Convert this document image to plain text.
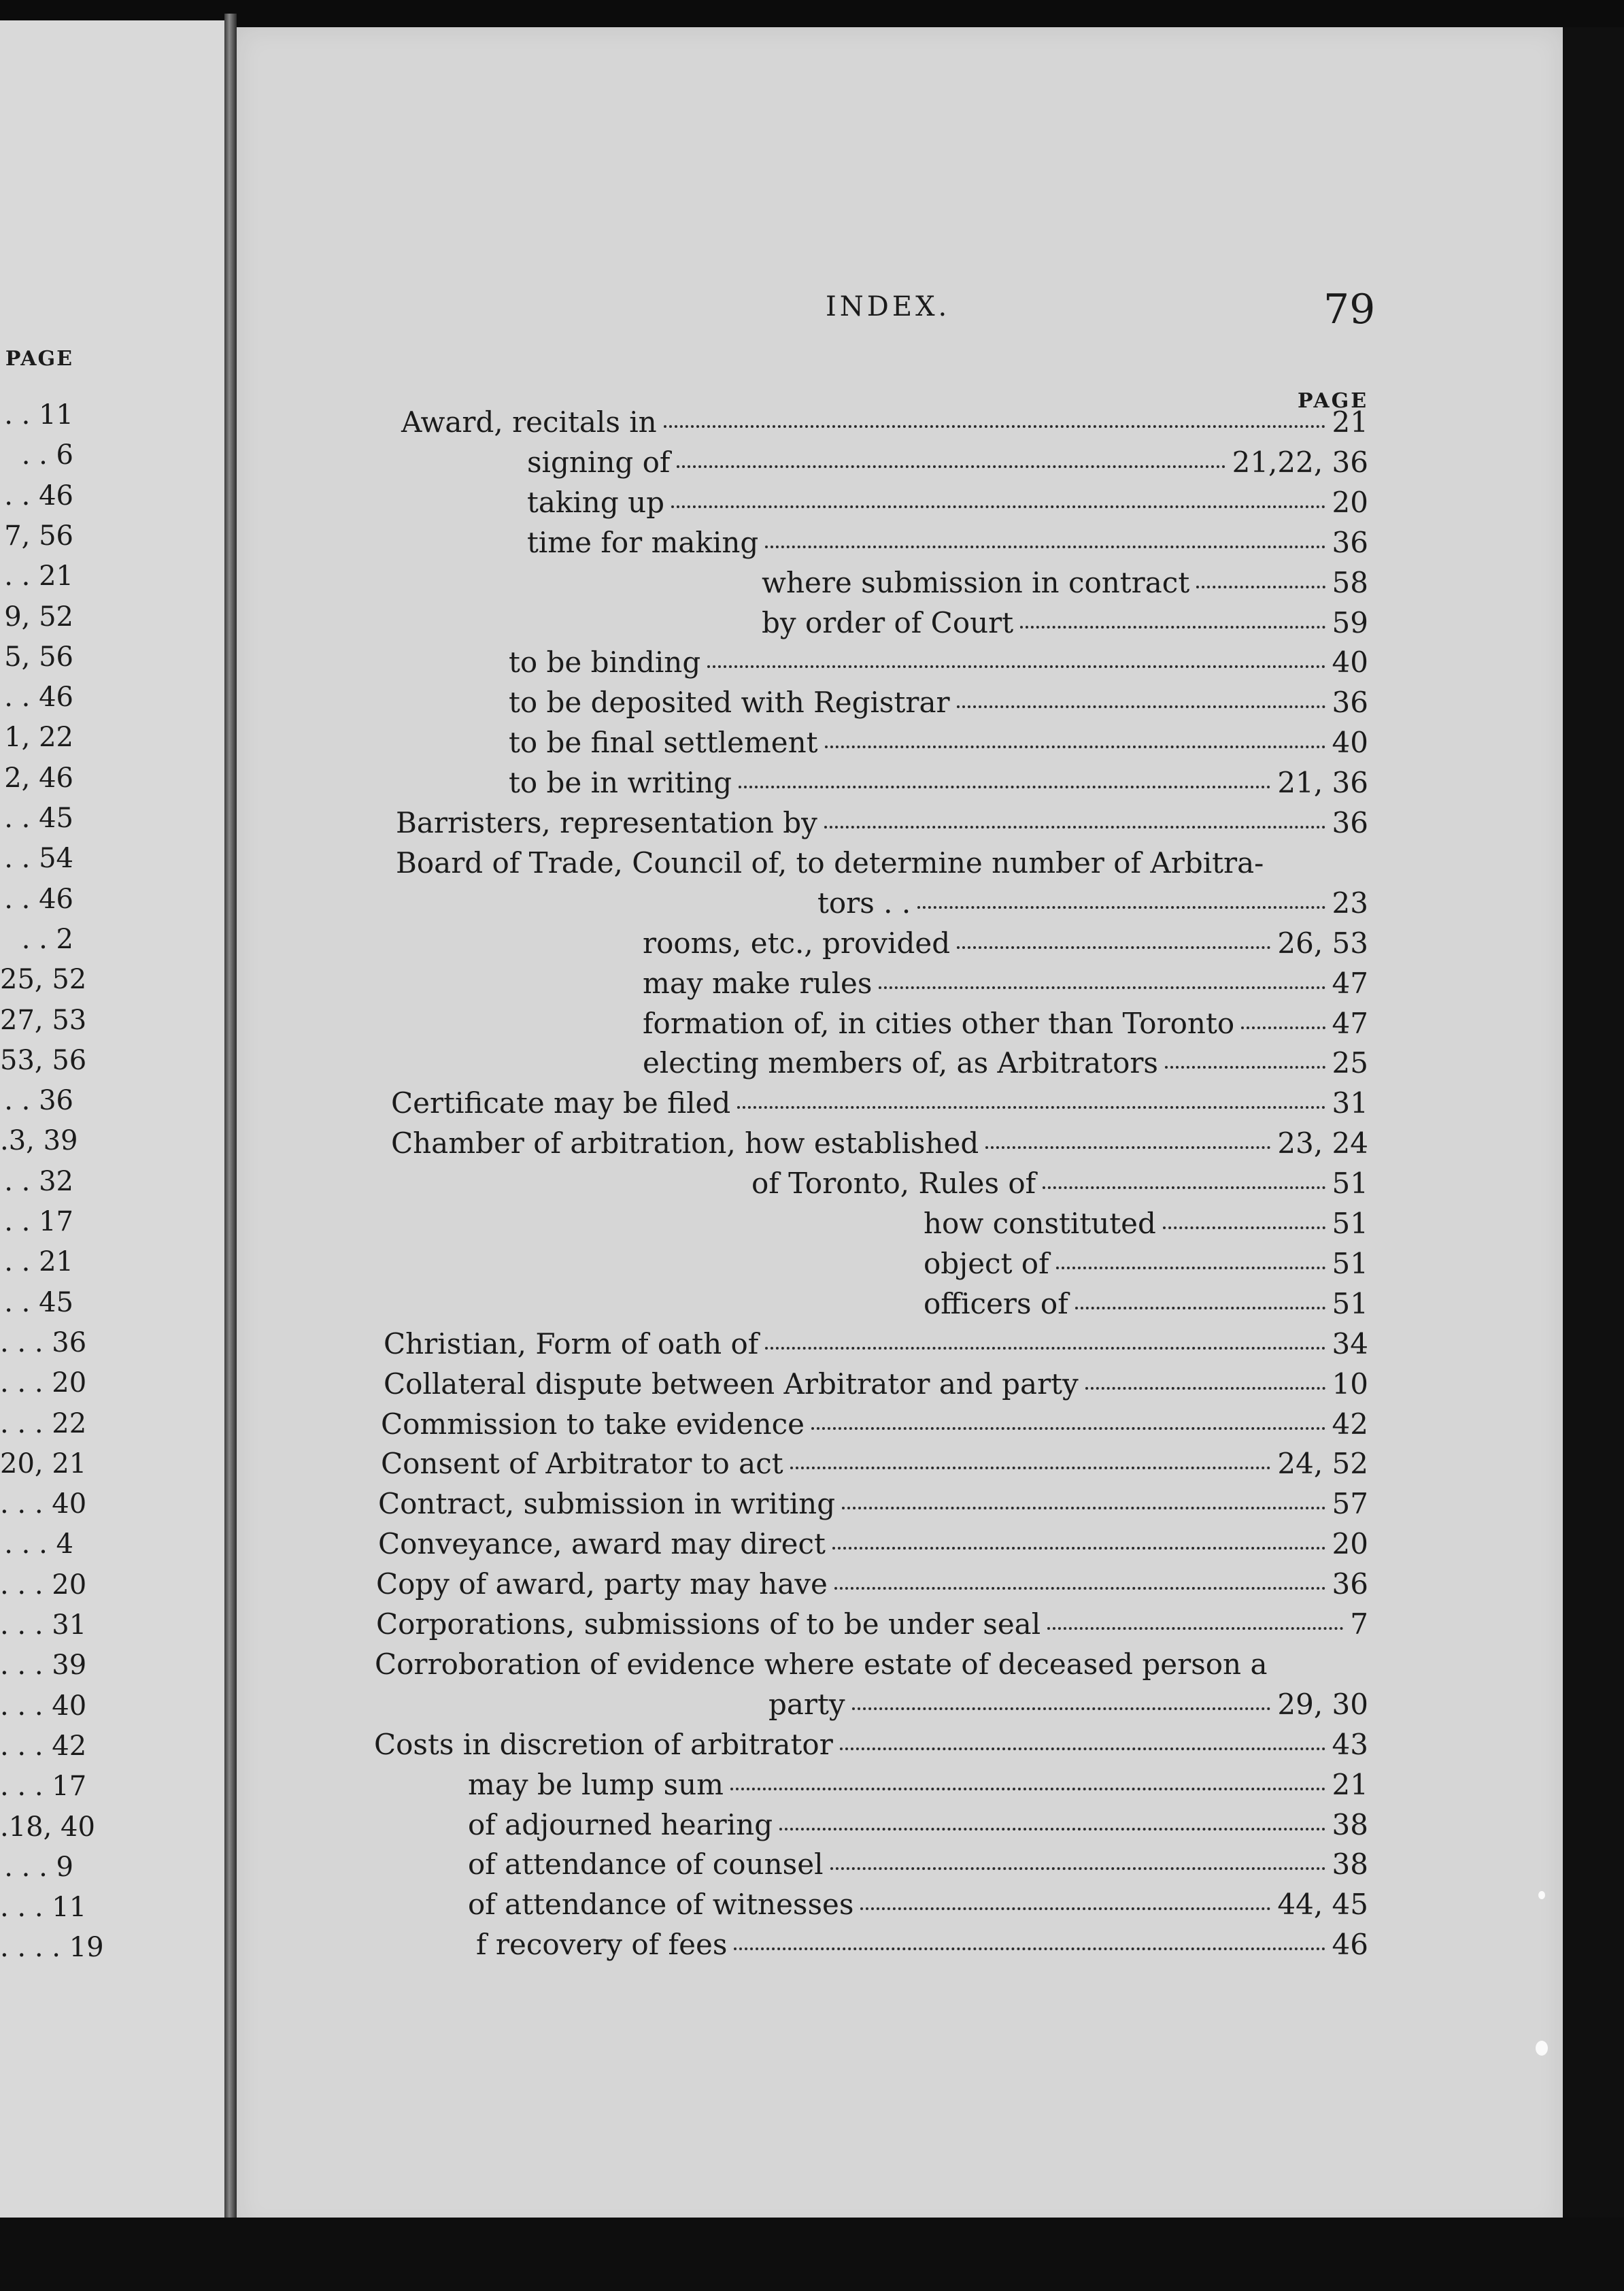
PAGE
. . 11
. . 6
. . 46
7, 56
. . 21
9, 52
5, 56
. . 46
1, 22
2, 46
. . 45
. . 54
. . 46
. . 2
25, 52
27, 53
53, 56
. . 36
.3, 39
. . 32
. . 17
. . 21
. . 45
. . . 36
. . . 20
. . . 22
20, 21
. . . 40
. . . 4
. . . 20
. . . 31
. . . 39
. . . 40
. . . 42
. . . 17
.18, 40
. . . 9
. . . 11
. . . . 19
INDEX.	79
PAGE
Award, recitals in	21
signing of	21,22, 36
taking up	20
time for making	36
where submission in contract	58
by order of Court	59
to be binding	40
to be deposited with Registrar	36
to be final settlement	40
to be in writing	21, 36
Barristers, representation by	36
Board of Trade, Council of, to determine number of Arbitra-
tors . .	23
rooms, etc., provided	26, 53
may make rules	47
formation of, in cities other than Toronto	47
electing members of, as Arbitrators	25
Certificate may be filed	31
Chamber of arbitration, how established	23, 24
of Toronto, Rules of	51
how constituted	51
object of	51
officers of	51
Christian, Form of oath of	34
Collateral dispute between Arbitrator and party	10
Commission to take evidence	42
Consent of Arbitrator to act	24, 52
Contract, submission in writing	57
Conveyance, award may direct	20
Copy of award, party may have	36
Corporations, submissions of to be under seal	7
Corroboration of evidence where estate of deceased person a
party	29, 30
Costs in discretion of arbitrator	43
may be lump sum	21
of adjourned hearing	38
of attendance of counsel	38
of attendance of witnesses	44, 45
f recovery of fees	46
